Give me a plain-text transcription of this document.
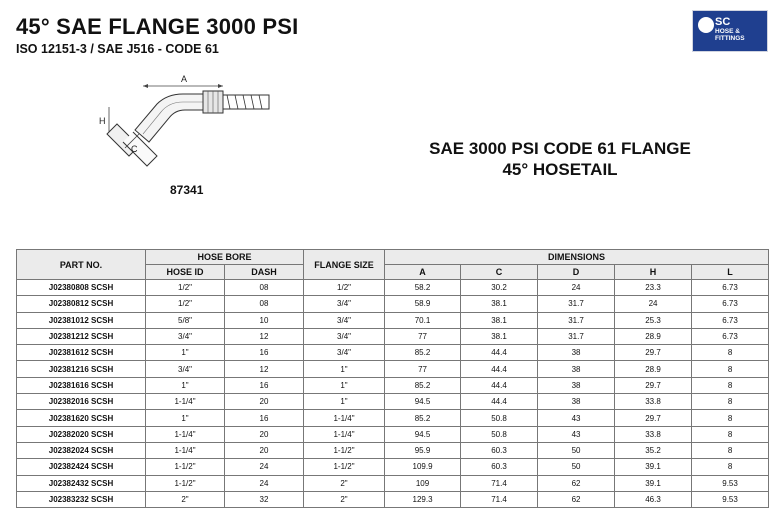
45° SAE FLANGE 3000 PSI
ISO 12151-3 / SAE J516 - CODE 61
SC
HOSE & FITTINGS
A
H
C
87341
SAE 3000 PSI CODE 61 FLANGE
45° HOSETAIL
PART NO.	HOSE BORE		FLANGE SIZE	DIMENSIONS				
	HOSE ID	DASH		A	C	D	H	L
J02380808 SCSH	1/2"	08	1/2"	58.2	30.2	24	23.3	6.73
J02380812 SCSH	1/2"	08	3/4"	58.9	38.1	31.7	24	6.73
J02381012 SCSH	5/8"	10	3/4"	70.1	38.1	31.7	25.3	6.73
J02381212 SCSH	3/4"	12	3/4"	77	38.1	31.7	28.9	6.73
J02381612 SCSH	1"	16	3/4"	85.2	44.4	38	29.7	8
J02381216 SCSH	3/4"	12	1"	77	44.4	38	28.9	8
J02381616 SCSH	1"	16	1"	85.2	44.4	38	29.7	8
J02382016 SCSH	1-1/4"	20	1"	94.5	44.4	38	33.8	8
J02381620 SCSH	1"	16	1-1/4"	85.2	50.8	43	29.7	8
J02382020 SCSH	1-1/4"	20	1-1/4"	94.5	50.8	43	33.8	8
J02382024 SCSH	1-1/4"	20	1-1/2"	95.9	60.3	50	35.2	8
J02382424 SCSH	1-1/2"	24	1-1/2"	109.9	60.3	50	39.1	8
J02382432 SCSH	1-1/2"	24	2"	109	71.4	62	39.1	9.53
J02383232 SCSH	2"	32	2"	129.3	71.4	62	46.3	9.53
